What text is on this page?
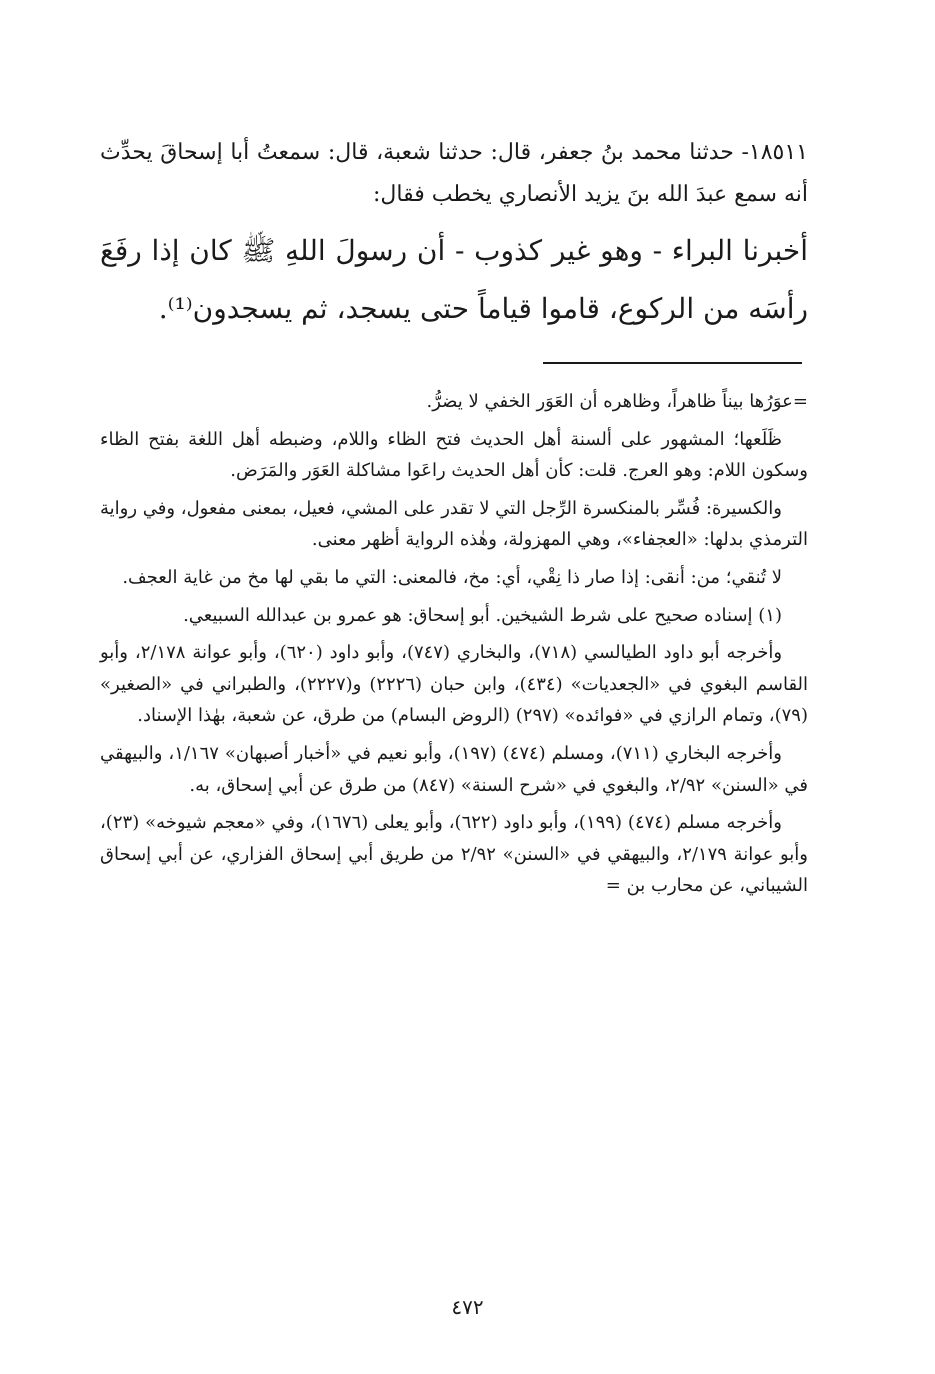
١٨٥١١- حدثنا محمد بنُ جعفر، قال: حدثنا شعبة، قال: سمعتُ أبا إسحاقَ يحدِّث أنه سمع عبدَ الله بنَ يزيد الأنصاري يخطب فقال:

أخبرنا البراء - وهو غير كذوب - أن رسولَ اللهِ ﷺ كان إذا رفَعَ رأسَه من الركوع، قاموا قياماً حتى يسجد، ثم يسجدون⁽¹⁾.

=عوَرُها بيناً ظاهراً، وظاهره أن العَوَر الخفي لا يضرُّ.

ظَلَعها؛ المشهور على ألسنة أهل الحديث فتح الظاء واللام، وضبطه أهل اللغة بفتح الظاء وسكون اللام: وهو العرج. قلت: كأن أهل الحديث راعَوا مشاكلة العَوَر والمَرَض.

والكسيرة: فُسِّر بالمنكسرة الرِّجل التي لا تقدر على المشي، فعيل، بمعنى مفعول، وفي رواية الترمذي بدلها: «العجفاء»، وهي المهزولة، وهٰذه الرواية أظهر معنى.

لا تُنقي؛ من: أنقى: إذا صار ذا نِقْي، أي: مخ، فالمعنى: التي ما بقي لها مخ من غاية العجف.

(١) إسناده صحيح على شرط الشيخين. أبو إسحاق: هو عمرو بن عبدالله السبيعي.

وأخرجه أبو داود الطيالسي (٧١٨)، والبخاري (٧٤٧)، وأبو داود (٦٢٠)، وأبو عوانة ٢/١٧٨، وأبو القاسم البغوي في «الجعديات» (٤٣٤)، وابن حبان (٢٢٢٦) و(٢٢٢٧)، والطبراني في «الصغير» (٧٩)، وتمام الرازي في «فوائده» (٢٩٧) (الروض البسام) من طرق، عن شعبة، بهٰذا الإسناد.

وأخرجه البخاري (٧١١)، ومسلم (٤٧٤) (١٩٧)، وأبو نعيم في «أخبار أصبهان» ١/١٦٧، والبيهقي في «السنن» ٢/٩٢، والبغوي في «شرح السنة» (٨٤٧) من طرق عن أبي إسحاق، به.

وأخرجه مسلم (٤٧٤) (١٩٩)، وأبو داود (٦٢٢)، وأبو يعلى (١٦٧٦)، وفي «معجم شيوخه» (٢٣)، وأبو عوانة ٢/١٧٩، والبيهقي في «السنن» ٢/٩٢ من طريق أبي إسحاق الفزاري، عن أبي إسحاق الشيباني، عن محارب بن =

٤٧٢
